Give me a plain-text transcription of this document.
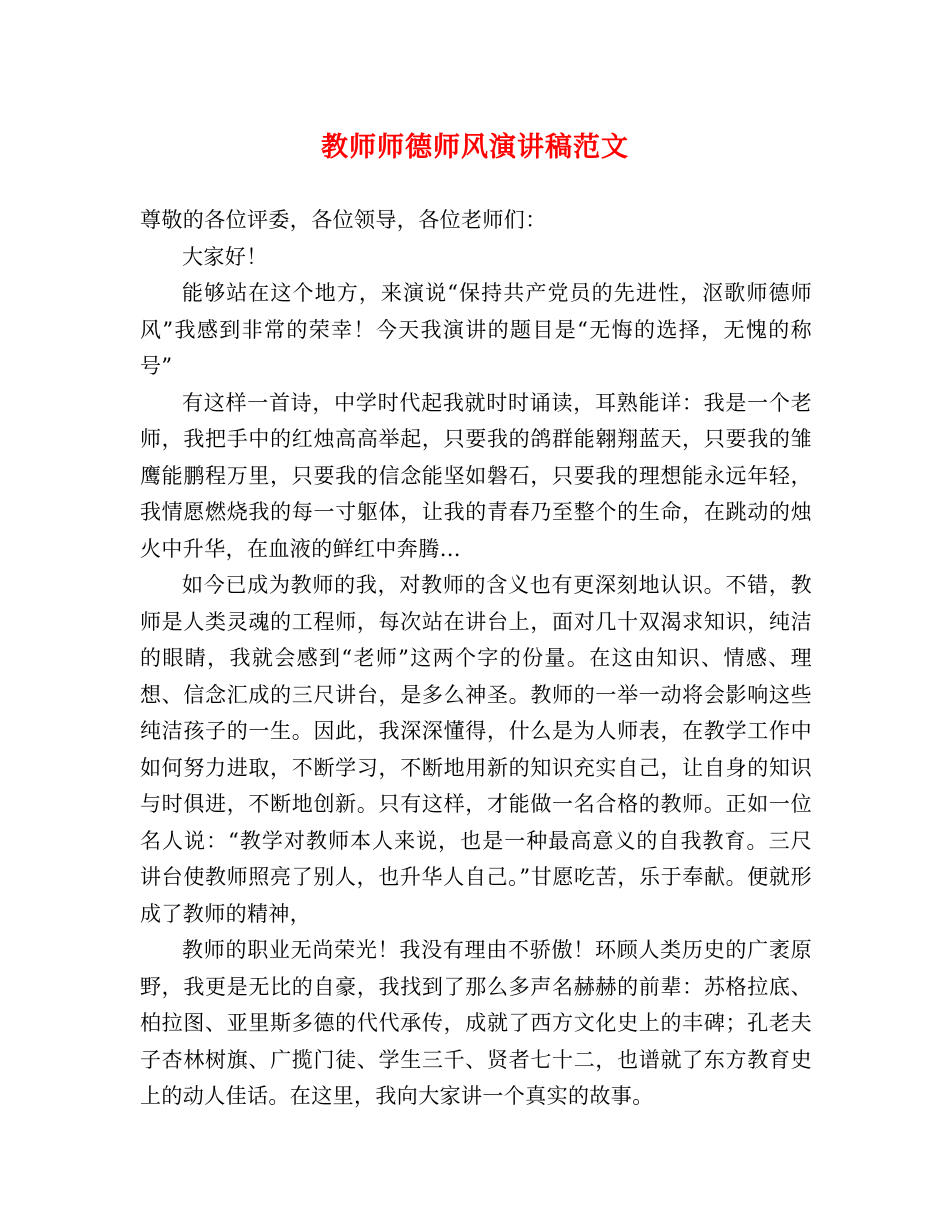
教师师德师风演讲稿范文

尊敬的各位评委，各位领导，各位老师们：

大家好！

能够站在这个地方，来演说“保持共产党员的先进性，沤歌师德师风”我感到非常的荣幸！今天我演讲的题目是“无悔的选择，无愧的称号”

有这样一首诗，中学时代起我就时时诵读，耳熟能详：我是一个老师，我把手中的红烛高高举起，只要我的鸽群能翱翔蓝天，只要我的雏鹰能鹏程万里，只要我的信念能坚如磐石，只要我的理想能永远年轻，我情愿燃烧我的每一寸躯体，让我的青春乃至整个的生命，在跳动的烛火中升华，在血液的鲜红中奔腾…

如今已成为教师的我，对教师的含义也有更深刻地认识。不错，教师是人类灵魂的工程师，每次站在讲台上，面对几十双渴求知识，纯洁的眼睛，我就会感到“老师”这两个字的份量。在这由知识、情感、理想、信念汇成的三尺讲台，是多么神圣。教师的一举一动将会影响这些纯洁孩子的一生。因此，我深深懂得，什么是为人师表，在教学工作中如何努力进取，不断学习，不断地用新的知识充实自己，让自身的知识与时俱进，不断地创新。只有这样，才能做一名合格的教师。正如一位名人说：“教学对教师本人来说，也是一种最高意义的自我教育。三尺讲台使教师照亮了别人，也升华人自己。”甘愿吃苦，乐于奉献。便就形成了教师的精神，

教师的职业无尚荣光！我没有理由不骄傲！环顾人类历史的广袤原野，我更是无比的自豪，我找到了那么多声名赫赫的前辈：苏格拉底、柏拉图、亚里斯多德的代代承传，成就了西方文化史上的丰碑；孔老夫子杏林树旗、广揽门徒、学生三千、贤者七十二，也谱就了东方教育史上的动人佳话。在这里，我向大家讲一个真实的故事。
